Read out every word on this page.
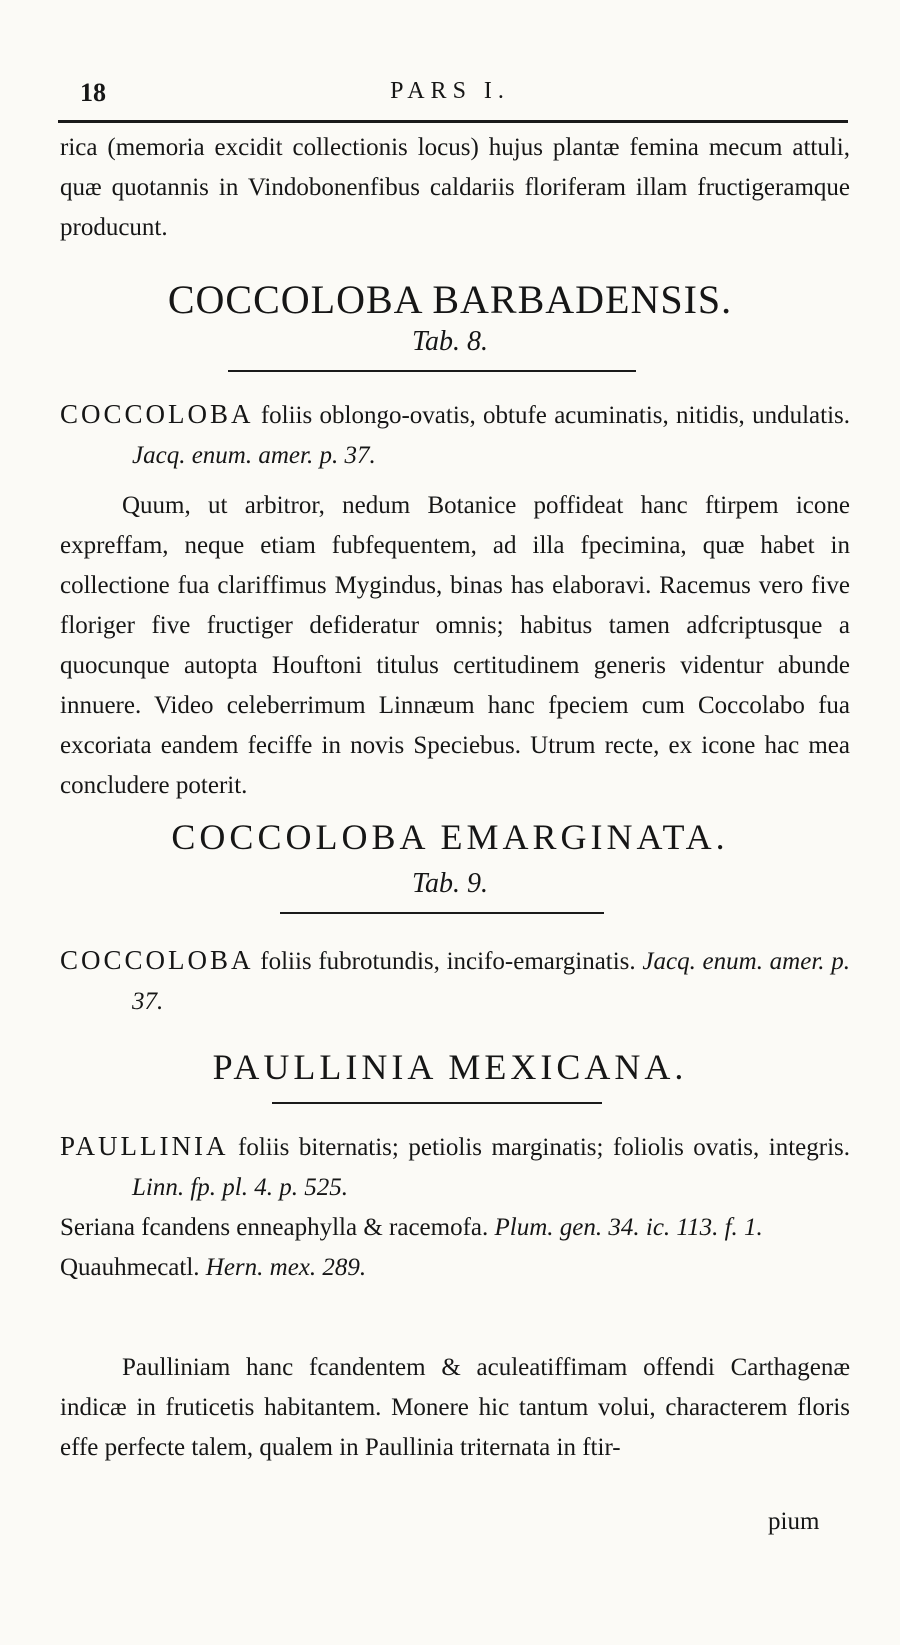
18	PARS I.

rica (memoria excidit collectionis locus) hujus plantæ femina mecum attuli, quæ quotannis in Vindobonenfibus caldariis floriferam illam fructigeramque producunt.

COCCOLOBA BARBADENSIS.
Tab. 8.

COCCOLOBA foliis oblongo-ovatis, obtufe acuminatis, nitidis, undulatis. Jacq. enum. amer. p. 37.

Quum, ut arbitror, nedum Botanice poffideat hanc ftirpem icone expreffam, neque etiam fubfequentem, ad illa fpecimina, quæ habet in collectione fua clariffimus Mygindus, binas has elaboravi. Racemus vero five floriger five fructiger defideratur omnis; habitus tamen adfcriptusque a quocunque autopta Houftoni titulus certitudinem generis videntur abunde innuere. Video celeberrimum Linnæum hanc fpeciem cum Coccolabo fua excoriata eandem feciffe in novis Speciebus. Utrum recte, ex icone hac mea concludere poterit.

COCCOLOBA EMARGINATA.
Tab. 9.

COCCOLOBA foliis fubrotundis, incifo-emarginatis. Jacq. enum. amer. p. 37.

PAULLINIA MEXICANA.

PAULLINIA foliis biternatis; petiolis marginatis; foliolis ovatis, integris. Linn. fp. pl. 4. p. 525.

Seriana fcandens enneaphylla & racemofa. Plum. gen. 34. ic. 113. f. 1.

Quauhmecatl. Hern. mex. 289.

Paulliniam hanc fcandentem & aculeatiffimam offendi Carthagenæ indicæ in fruticetis habitantem. Monere hic tantum volui, characterem floris effe perfecte talem, qualem in Paullinia triternata in ftir-

pium
